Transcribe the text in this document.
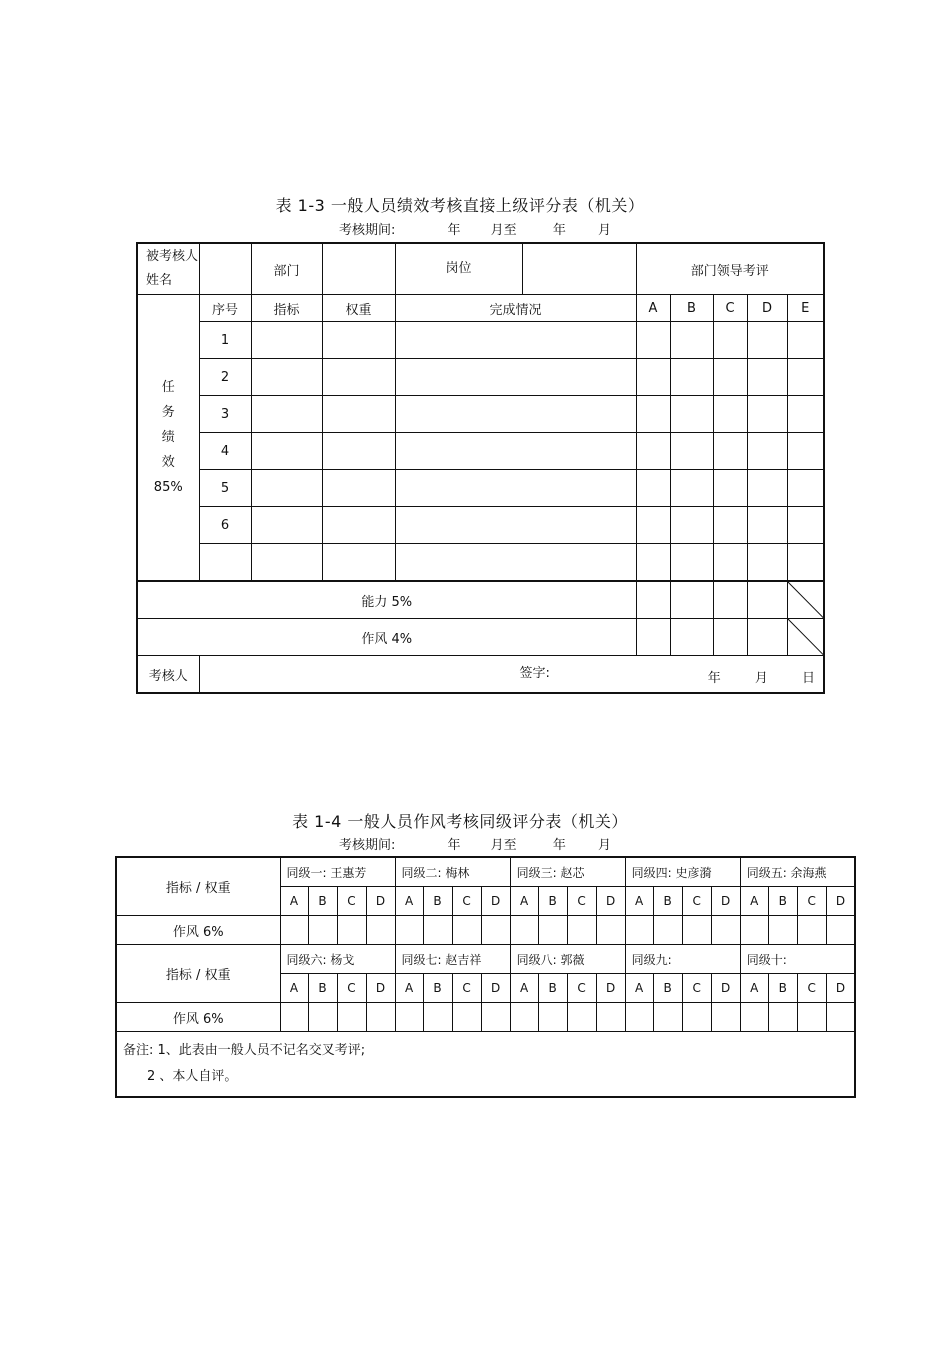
表 1-3 一般人员绩效考核直接上级评分表（机关）
考核期间:	年 月至	年 月
被考核人姓名		部门		岗位	部门领导考评				
任
务
绩
效
85%	序号	指标	权重	完成情况	A	B	C	D	E
	1								
	2								
	3								
	4								
	5								
	6								

能力 5%					

作风 4%					

考核人	签字: 年 月 日								
表 1-4 一般人员作风考核同级评分表（机关）
考核期间:	年 月至	年 月
指标 / 权重	同级一: 王惠芳				同级二: 梅林				同级三: 赵芯				同级四: 史彦漪				同级五: 余海燕			
	A	B	C	D	A	B	C	D	A	B	C	D	A	B	C	D	A	B	C	D
作风 6%																				
指标 / 权重	同级六: 杨戈				同级七: 赵吉祥				同级八: 郭薇				同级九:				同级十:			
	A	B	C	D	A	B	C	D	A	B	C	D	A	B	C	D	A	B	C	D
作风 6%																				

备注: 1、此表由一般人员不记名交叉考评;
2 、本人自评。																				
